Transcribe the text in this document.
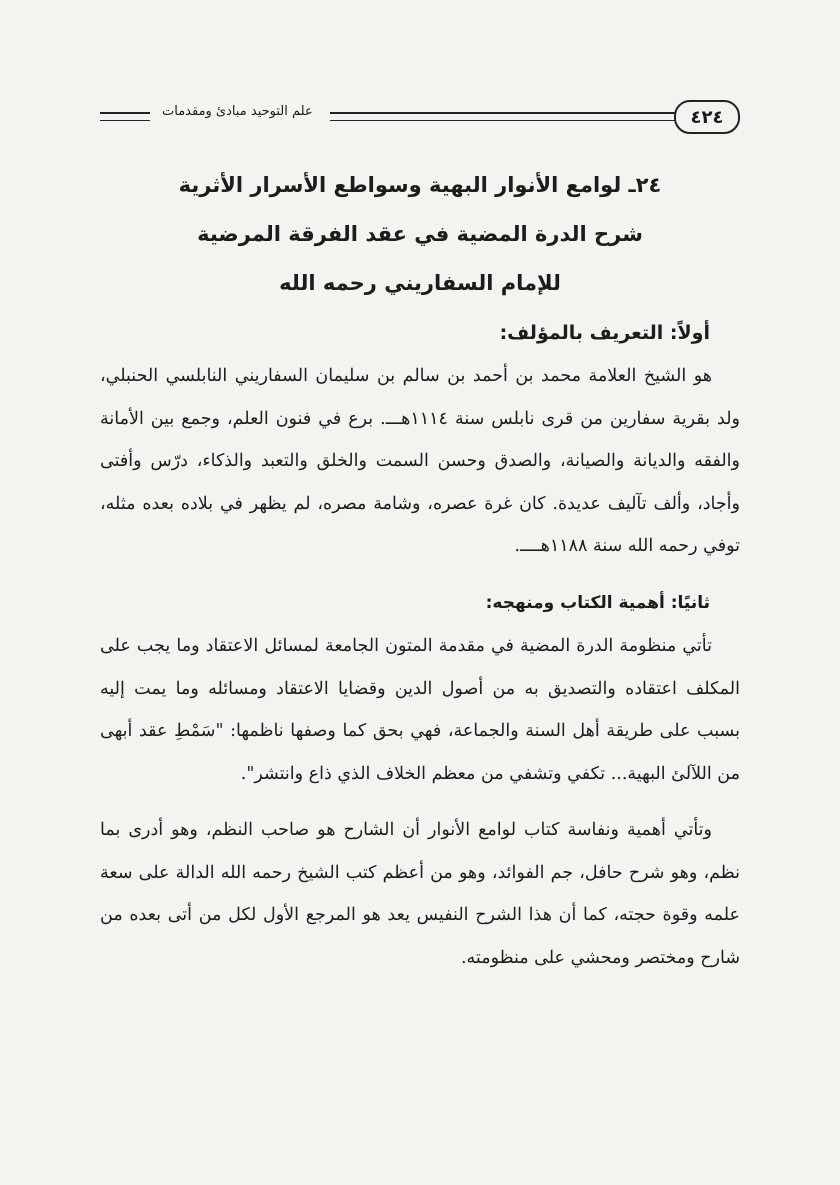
٤٢٤
علم التوحيد مبادئ ومقدمات
٢٤ـ لوامع الأنوار البهية وسواطع الأسرار الأثرية
شرح الدرة المضية في عقد الفرقة المرضية
للإمام السفاريني رحمه الله
أولاً: التعريف بالمؤلف:

هو الشيخ العلامة محمد بن أحمد بن سالم بن سليمان السفاريني النابلسي الحنبلي، ولد بقرية سفارين من قرى نابلس سنة ١١١٤هـــ. برع في فنون العلم، وجمع بين الأمانة والفقه والديانة والصيانة، والصدق وحسن السمت والخلق والتعبد والذكاء، درّس وأفتى وأجاد، وألف تآليف عديدة. كان غرة عصره، وشامة مصره، لم يظهر في بلاده بعده مثله، توفي رحمه الله سنة ١١٨٨هــــ.

ثانيًا: أهمية الكتاب ومنهجه:

تأتي منظومة الدرة المضية في مقدمة المتون الجامعة لمسائل الاعتقاد وما يجب على المكلف اعتقاده والتصديق به من أصول الدين وقضايا الاعتقاد ومسائله وما يمت إليه بسبب على طريقة أهل السنة والجماعة، فهي بحق كما وصفها ناظمها: "سَمْطِ عقد أبهى من اللآلئ البهية... تكفي وتشفي من معظم الخلاف الذي ذاع وانتشر".

وتأتي أهمية ونفاسة كتاب لوامع الأنوار أن الشارح هو صاحب النظم، وهو أدرى بما نظم، وهو شرح حافل، جم الفوائد، وهو من أعظم كتب الشيخ رحمه الله الدالة على سعة علمه وقوة حجته، كما أن هذا الشرح النفيس يعد هو المرجع الأول لكل من أتى بعده من شارح ومختصر ومحشي على منظومته.
